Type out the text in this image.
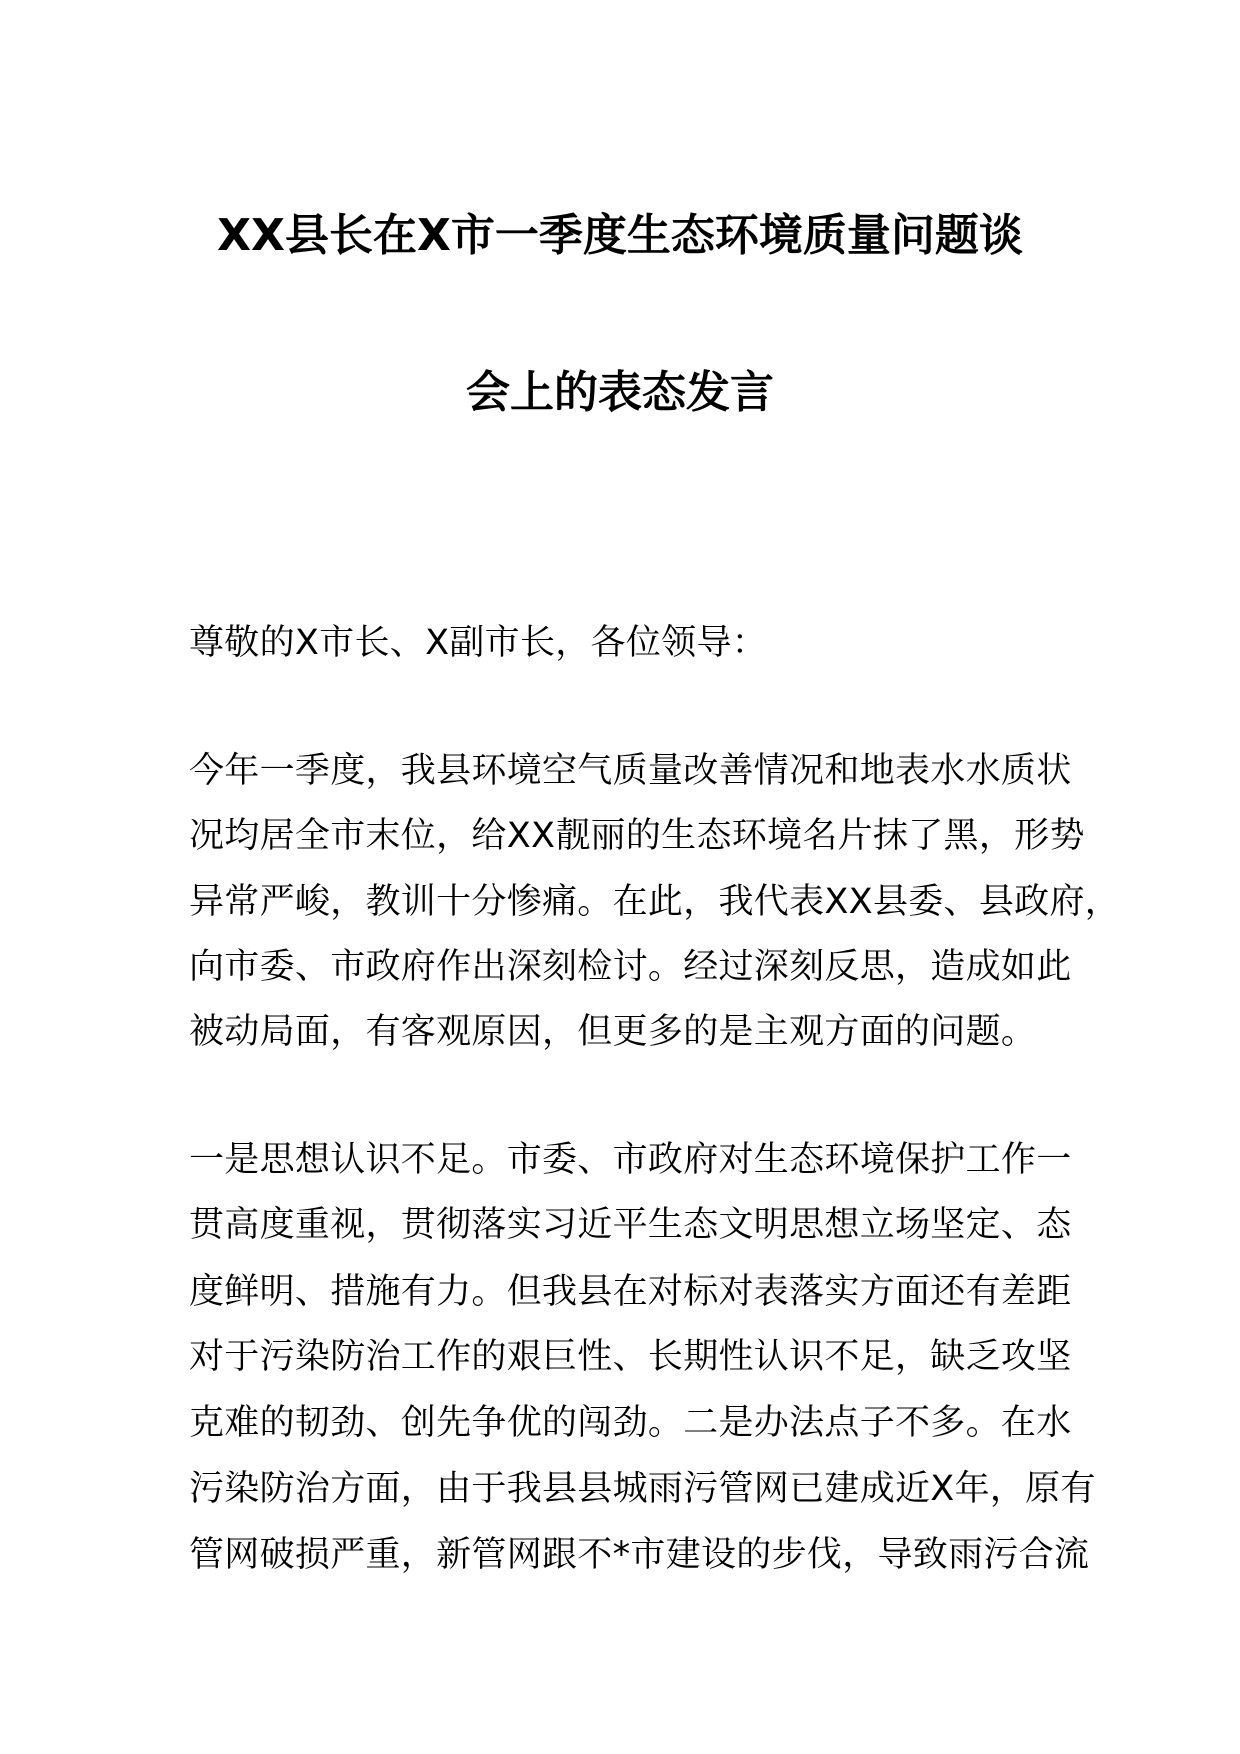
XX县长在X市一季度生态环境质量问题谈
会上的表态发言
尊敬的X市长、X副市长，各位领导：
今年一季度，我县环境空气质量改善情况和地表水水质状
况均居全市末位，给XX靓丽的生态环境名片抹了黑，形势
异常严峻，教训十分惨痛。在此，我代表XX县委、县政府，
向市委、市政府作出深刻检讨。经过深刻反思，造成如此
被动局面，有客观原因，但更多的是主观方面的问题。
一是思想认识不足。市委、市政府对生态环境保护工作一
贯高度重视，贯彻落实习近平生态文明思想立场坚定、态
度鲜明、措施有力。但我县在对标对表落实方面还有差距
对于污染防治工作的艰巨性、长期性认识不足，缺乏攻坚
克难的韧劲、创先争优的闯劲。二是办法点子不多。在水
污染防治方面，由于我县县城雨污管网已建成近X年，原有
管网破损严重，新管网跟不*市建设的步伐，导致雨污合流
